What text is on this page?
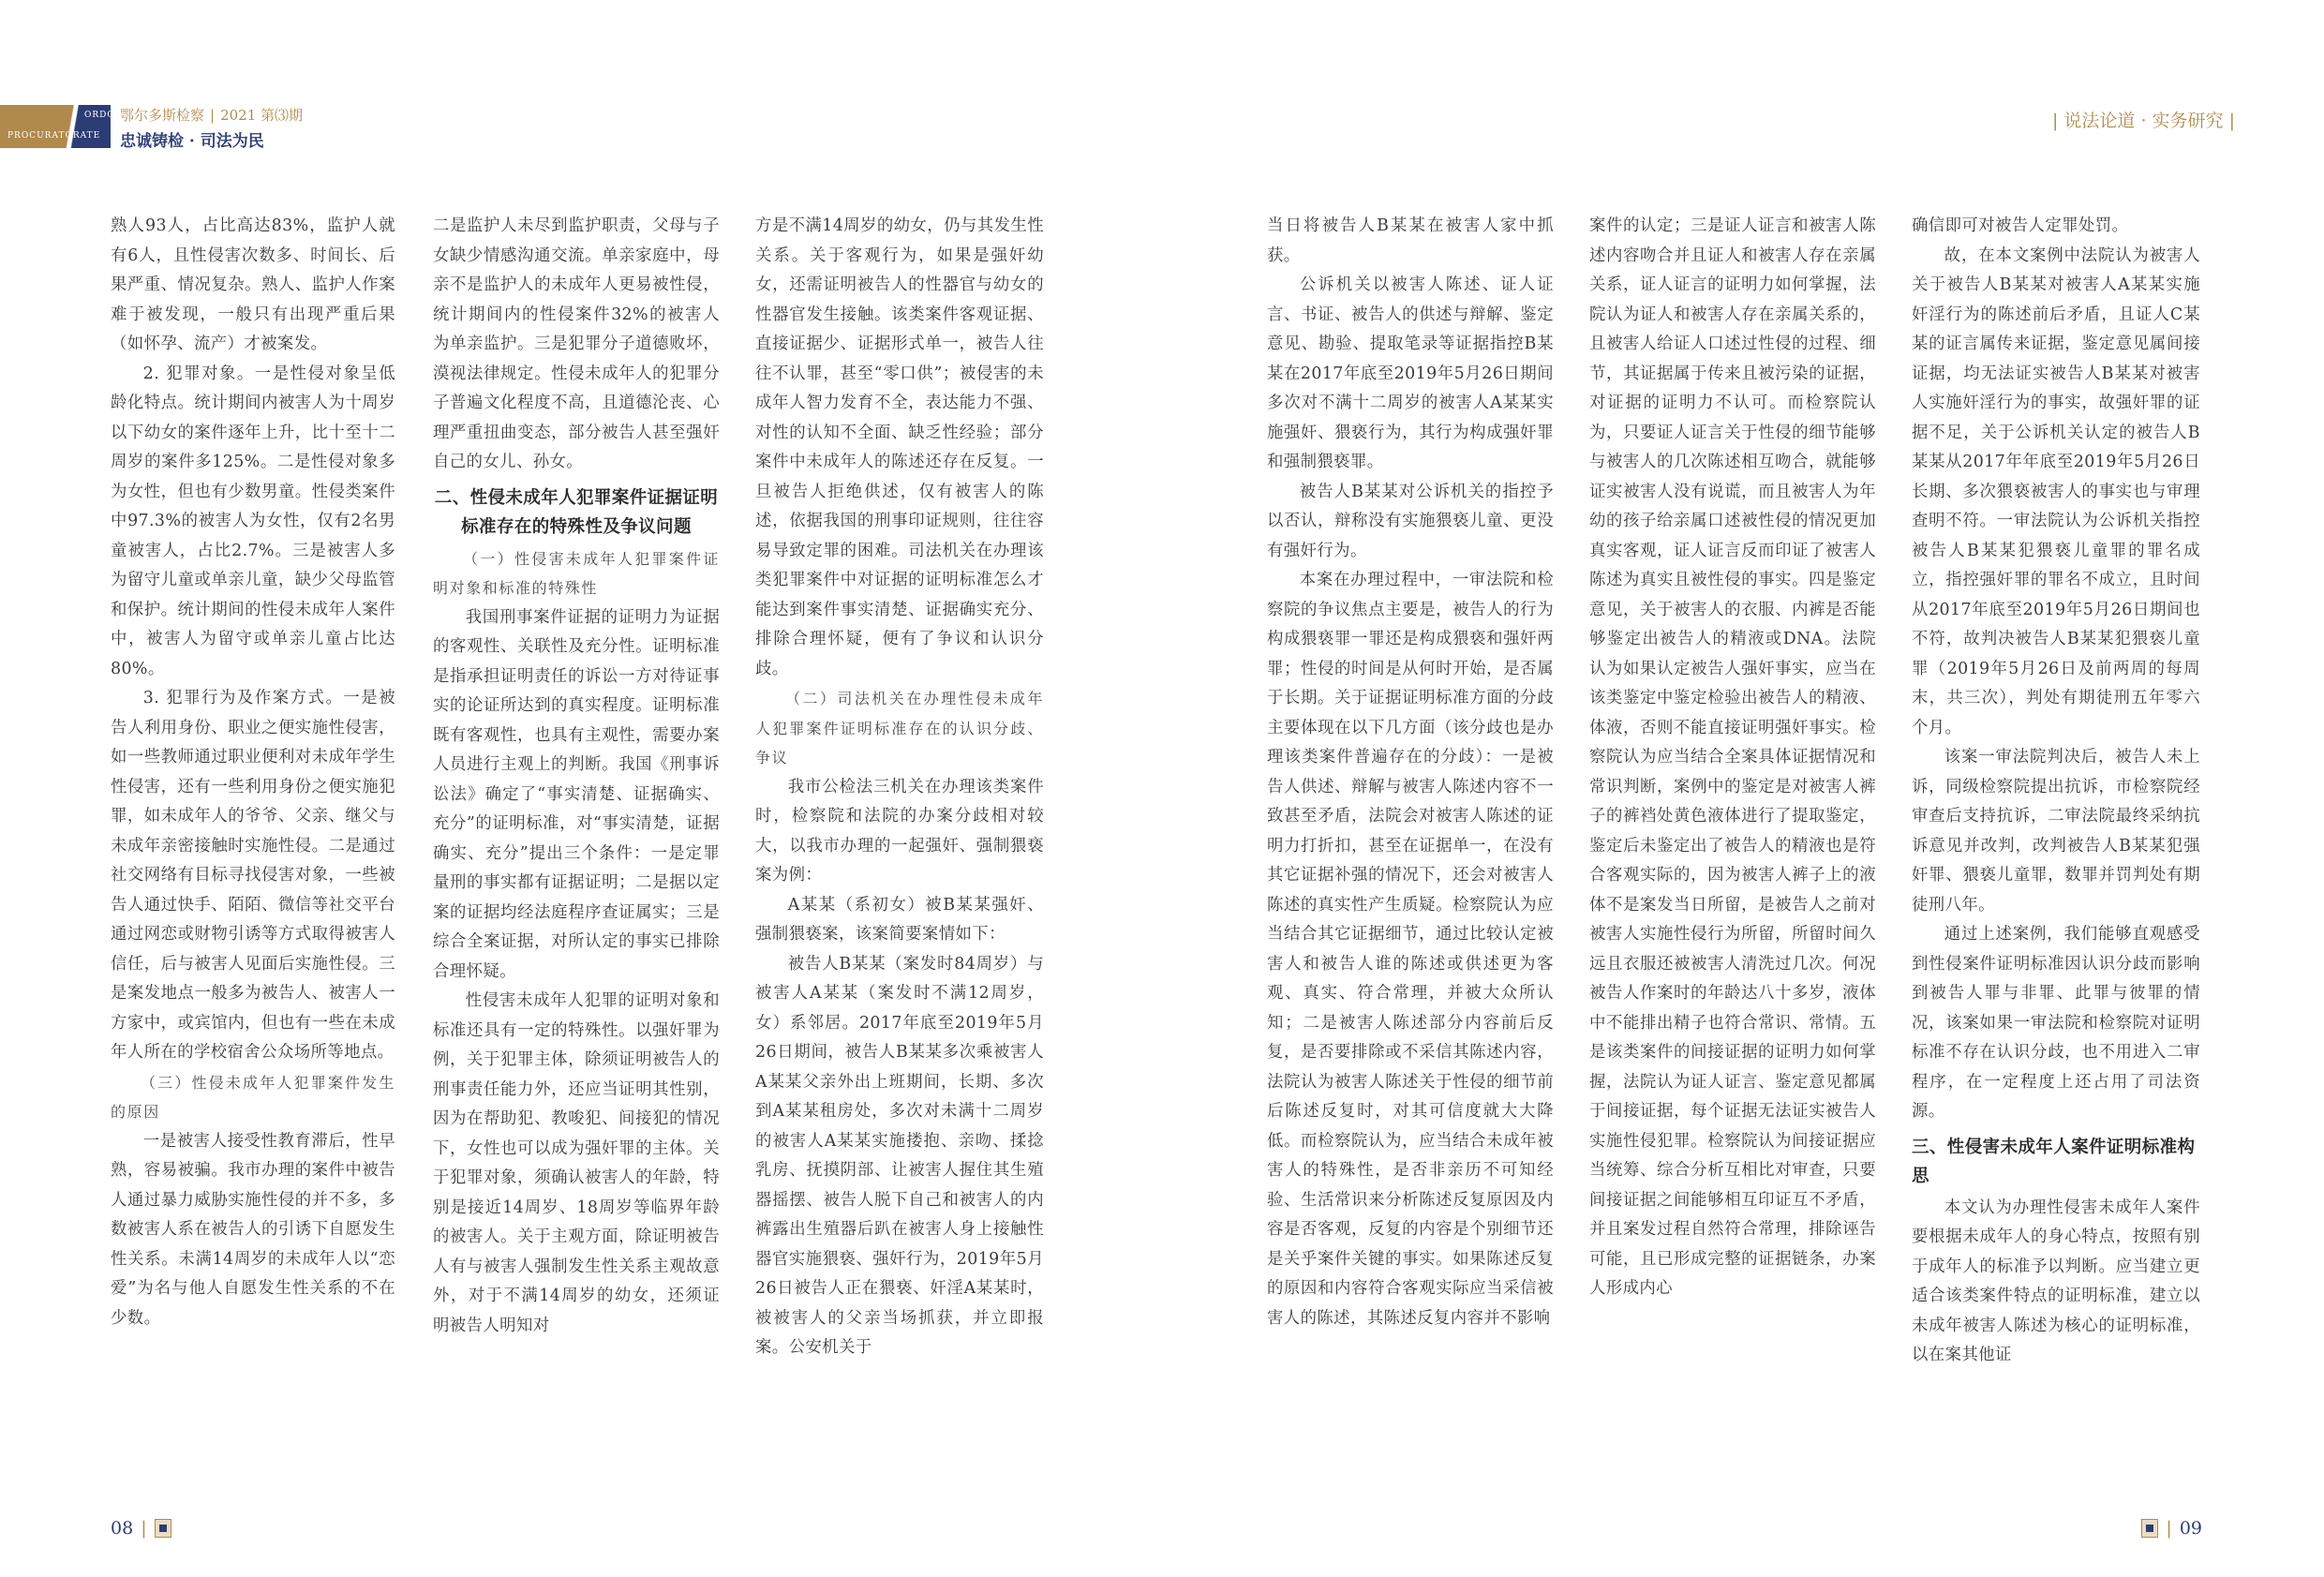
ORDOS
PROCURATORATE
鄂尔多斯检察 | 2021 第⑶期
忠诚铸检 · 司法为民
| 说法论道 · 实务研究 |

熟人93人，占比高达83%，监护人就有6人，且性侵害次数多、时间长、后果严重、情况复杂。熟人、监护人作案难于被发现，一般只有出现严重后果（如怀孕、流产）才被案发。

2. 犯罪对象。一是性侵对象呈低龄化特点。统计期间内被害人为十周岁以下幼女的案件逐年上升，比十至十二周岁的案件多125%。二是性侵对象多为女性，但也有少数男童。性侵类案件中97.3%的被害人为女性，仅有2名男童被害人，占比2.7%。三是被害人多为留守儿童或单亲儿童，缺少父母监管和保护。统计期间的性侵未成年人案件中，被害人为留守或单亲儿童占比达80%。

3. 犯罪行为及作案方式。一是被告人利用身份、职业之便实施性侵害，如一些教师通过职业便利对未成年学生性侵害，还有一些利用身份之便实施犯罪，如未成年人的爷爷、父亲、继父与未成年亲密接触时实施性侵。二是通过社交网络有目标寻找侵害对象，一些被告人通过快手、陌陌、微信等社交平台通过网恋或财物引诱等方式取得被害人信任，后与被害人见面后实施性侵。三是案发地点一般多为被告人、被害人一方家中，或宾馆内，但也有一些在未成年人所在的学校宿舍公众场所等地点。

（三）性侵未成年人犯罪案件发生的原因

一是被害人接受性教育滞后，性早熟，容易被骗。我市办理的案件中被告人通过暴力威胁实施性侵的并不多，多数被害人系在被告人的引诱下自愿发生性关系。未满14周岁的未成年人以“恋爱”为名与他人自愿发生性关系的不在少数。

二是监护人未尽到监护职责，父母与子女缺少情感沟通交流。单亲家庭中，母亲不是监护人的未成年人更易被性侵，统计期间内的性侵案件32%的被害人为单亲监护。三是犯罪分子道德败坏，漠视法律规定。性侵未成年人的犯罪分子普遍文化程度不高，且道德沦丧、心理严重扭曲变态，部分被告人甚至强奸自己的女儿、孙女。

二、性侵未成年人犯罪案件证据证明标准存在的特殊性及争议问题
（一）性侵害未成年人犯罪案件证明对象和标准的特殊性

我国刑事案件证据的证明力为证据的客观性、关联性及充分性。证明标准是指承担证明责任的诉讼一方对待证事实的论证所达到的真实程度。证明标准既有客观性，也具有主观性，需要办案人员进行主观上的判断。我国《刑事诉讼法》确定了“事实清楚、证据确实、充分”的证明标准，对“事实清楚，证据确实、充分”提出三个条件：一是定罪量刑的事实都有证据证明；二是据以定案的证据均经法庭程序查证属实；三是综合全案证据，对所认定的事实已排除合理怀疑。

性侵害未成年人犯罪的证明对象和标准还具有一定的特殊性。以强奸罪为例，关于犯罪主体，除须证明被告人的刑事责任能力外，还应当证明其性别，因为在帮助犯、教唆犯、间接犯的情况下，女性也可以成为强奸罪的主体。关于犯罪对象，须确认被害人的年龄，特别是接近14周岁、18周岁等临界年龄的被害人。关于主观方面，除证明被告人有与被害人强制发生性关系主观故意外，对于不满14周岁的幼女，还须证明被告人明知对

方是不满14周岁的幼女，仍与其发生性关系。关于客观行为，如果是强奸幼女，还需证明被告人的性器官与幼女的性器官发生接触。该类案件客观证据、直接证据少、证据形式单一，被告人往往不认罪，甚至“零口供”；被侵害的未成年人智力发育不全，表达能力不强、对性的认知不全面、缺乏性经验；部分案件中未成年人的陈述还存在反复。一旦被告人拒绝供述，仅有被害人的陈述，依据我国的刑事印证规则，往往容易导致定罪的困难。司法机关在办理该类犯罪案件中对证据的证明标准怎么才能达到案件事实清楚、证据确实充分、排除合理怀疑，便有了争议和认识分歧。

（二）司法机关在办理性侵未成年人犯罪案件证明标准存在的认识分歧、争议

我市公检法三机关在办理该类案件时，检察院和法院的办案分歧相对较大，以我市办理的一起强奸、强制猥亵案为例：

A某某（系初女）被B某某强奸、强制猥亵案，该案简要案情如下：

被告人B某某（案发时84周岁）与被害人A某某（案发时不满12周岁，女）系邻居。2017年底至2019年5月26日期间，被告人B某某多次乘被害人A某某父亲外出上班期间，长期、多次到A某某租房处，多次对未满十二周岁的被害人A某某实施搂抱、亲吻、揉捻乳房、抚摸阴部、让被害人握住其生殖器摇摆、被告人脱下自己和被害人的内裤露出生殖器后趴在被害人身上接触性器官实施猥亵、强奸行为，2019年5月26日被告人正在猥亵、奸淫A某某时，被被害人的父亲当场抓获，并立即报案。公安机关于

当日将被告人B某某在被害人家中抓获。

公诉机关以被害人陈述、证人证言、书证、被告人的供述与辩解、鉴定意见、勘验、提取笔录等证据指控B某某在2017年底至2019年5月26日期间多次对不满十二周岁的被害人A某某实施强奸、猥亵行为，其行为构成强奸罪和强制猥亵罪。

被告人B某某对公诉机关的指控予以否认，辩称没有实施猥亵儿童、更没有强奸行为。

本案在办理过程中，一审法院和检察院的争议焦点主要是，被告人的行为构成猥亵罪一罪还是构成猥亵和强奸两罪；性侵的时间是从何时开始，是否属于长期。关于证据证明标准方面的分歧主要体现在以下几方面（该分歧也是办理该类案件普遍存在的分歧）：一是被告人供述、辩解与被害人陈述内容不一致甚至矛盾，法院会对被害人陈述的证明力打折扣，甚至在证据单一，在没有其它证据补强的情况下，还会对被害人陈述的真实性产生质疑。检察院认为应当结合其它证据细节，通过比较认定被害人和被告人谁的陈述或供述更为客观、真实、符合常理，并被大众所认知；二是被害人陈述部分内容前后反复，是否要排除或不采信其陈述内容，法院认为被害人陈述关于性侵的细节前后陈述反复时，对其可信度就大大降低。而检察院认为，应当结合未成年被害人的特殊性，是否非亲历不可知经验、生活常识来分析陈述反复原因及内容是否客观，反复的内容是个别细节还是关乎案件关键的事实。如果陈述反复的原因和内容符合客观实际应当采信被害人的陈述，其陈述反复内容并不影响

案件的认定；三是证人证言和被害人陈述内容吻合并且证人和被害人存在亲属关系，证人证言的证明力如何掌握，法院认为证人和被害人存在亲属关系的，且被害人给证人口述过性侵的过程、细节，其证据属于传来且被污染的证据，对证据的证明力不认可。而检察院认为，只要证人证言关于性侵的细节能够与被害人的几次陈述相互吻合，就能够证实被害人没有说谎，而且被害人为年幼的孩子给亲属口述被性侵的情况更加真实客观，证人证言反而印证了被害人陈述为真实且被性侵的事实。四是鉴定意见，关于被害人的衣服、内裤是否能够鉴定出被告人的精液或DNA。法院认为如果认定被告人强奸事实，应当在该类鉴定中鉴定检验出被告人的精液、体液，否则不能直接证明强奸事实。检察院认为应当结合全案具体证据情况和常识判断，案例中的鉴定是对被害人裤子的裤裆处黄色液体进行了提取鉴定，鉴定后未鉴定出了被告人的精液也是符合客观实际的，因为被害人裤子上的液体不是案发当日所留，是被告人之前对被害人实施性侵行为所留，所留时间久远且衣服还被被害人清洗过几次。何况被告人作案时的年龄达八十多岁，液体中不能排出精子也符合常识、常情。五是该类案件的间接证据的证明力如何掌握，法院认为证人证言、鉴定意见都属于间接证据，每个证据无法证实被告人实施性侵犯罪。检察院认为间接证据应当统筹、综合分析互相比对审查，只要间接证据之间能够相互印证互不矛盾，并且案发过程自然符合常理，排除诬告可能，且已形成完整的证据链条，办案人形成内心

确信即可对被告人定罪处罚。

故，在本文案例中法院认为被害人关于被告人B某某对被害人A某某实施奸淫行为的陈述前后矛盾，且证人C某某的证言属传来证据，鉴定意见属间接证据，均无法证实被告人B某某对被害人实施奸淫行为的事实，故强奸罪的证据不足，关于公诉机关认定的被告人B某某从2017年年底至2019年5月26日长期、多次猥亵被害人的事实也与审理查明不符。一审法院认为公诉机关指控被告人B某某犯猥亵儿童罪的罪名成立，指控强奸罪的罪名不成立，且时间从2017年底至2019年5月26日期间也不符，故判决被告人B某某犯猥亵儿童罪（2019年5月26日及前两周的每周末，共三次），判处有期徒刑五年零六个月。

该案一审法院判决后，被告人未上诉，同级检察院提出抗诉，市检察院经审查后支持抗诉，二审法院最终采纳抗诉意见并改判，改判被告人B某某犯强奸罪、猥亵儿童罪，数罪并罚判处有期徒刑八年。

通过上述案例，我们能够直观感受到性侵案件证明标准因认识分歧而影响到被告人罪与非罪、此罪与彼罪的情况，该案如果一审法院和检察院对证明标准不存在认识分歧，也不用进入二审程序，在一定程度上还占用了司法资源。

三、性侵害未成年人案件证明标准构思

本文认为办理性侵害未成年人案件要根据未成年人的身心特点，按照有别于成年人的标准予以判断。应当建立更适合该类案件特点的证明标准，建立以未成年被害人陈述为核心的证明标准，以在案其他证

08 |	| 09
